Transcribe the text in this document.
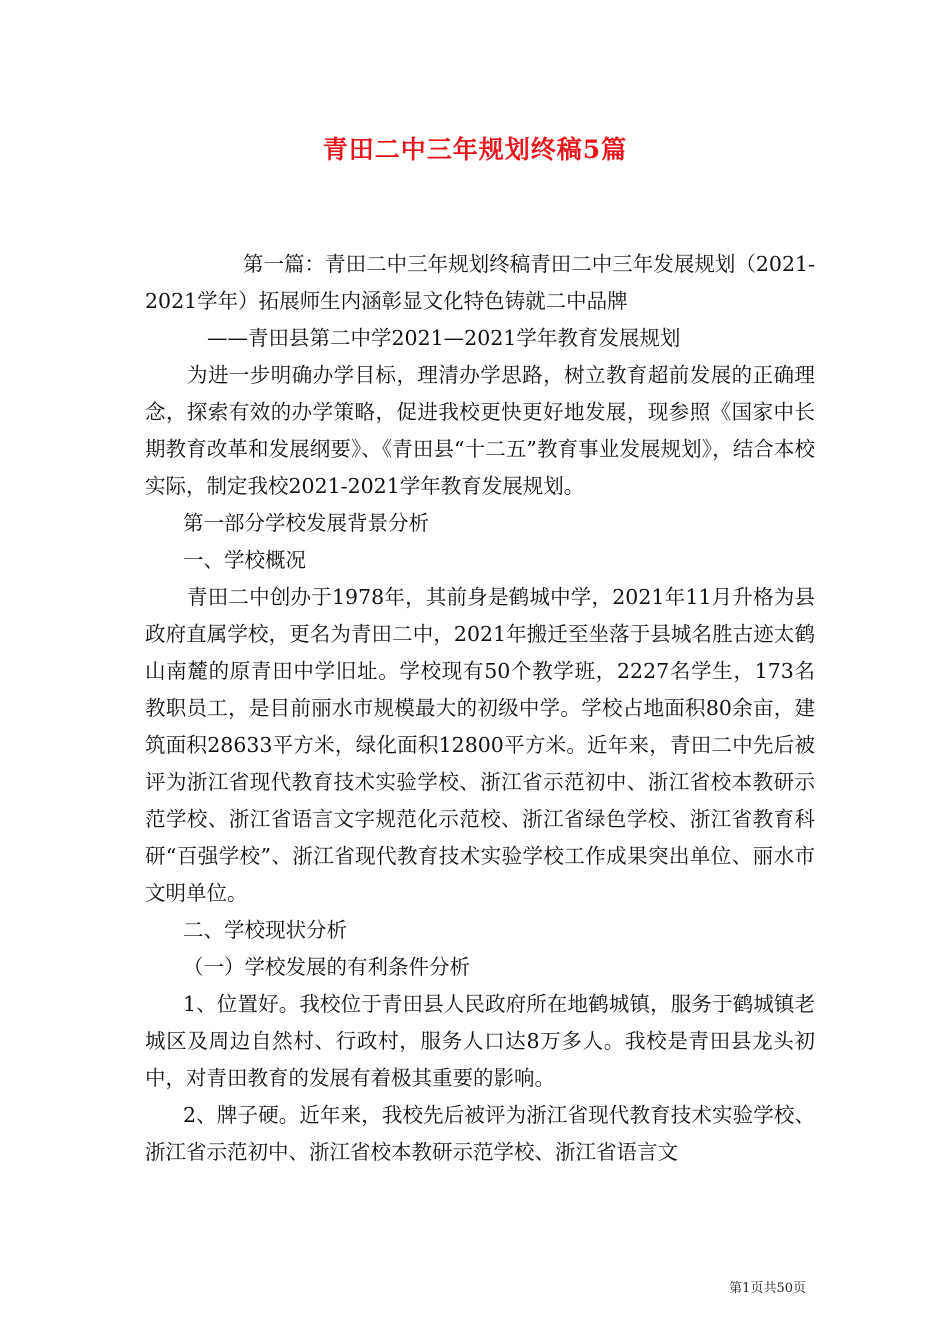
青田二中三年规划终稿5篇

第一篇：青田二中三年规划终稿青田二中三年发展规划（2021-2021学年）拓展师生内涵彰显文化特色铸就二中品牌

——青田县第二中学2021—2021学年教育发展规划

为进一步明确办学目标，理清办学思路，树立教育超前发展的正确理念，探索有效的办学策略，促进我校更快更好地发展，现参照《国家中长期教育改革和发展纲要》、《青田县“十二五”教育事业发展规划》，结合本校实际，制定我校2021-2021学年教育发展规划。

第一部分学校发展背景分析

一、学校概况

青田二中创办于1978年，其前身是鹤城中学，2021年11月升格为县政府直属学校，更名为青田二中，2021年搬迁至坐落于县城名胜古迹太鹤山南麓的原青田中学旧址。学校现有50个教学班，2227名学生，173名教职员工，是目前丽水市规模最大的初级中学。学校占地面积80余亩，建筑面积28633平方米，绿化面积12800平方米。近年来，青田二中先后被评为浙江省现代教育技术实验学校、浙江省示范初中、浙江省校本教研示范学校、浙江省语言文字规范化示范校、浙江省绿色学校、浙江省教育科研“百强学校”、浙江省现代教育技术实验学校工作成果突出单位、丽水市文明单位。

二、学校现状分析

（一）学校发展的有利条件分析

1、位置好。我校位于青田县人民政府所在地鹤城镇，服务于鹤城镇老城区及周边自然村、行政村，服务人口达8万多人。我校是青田县龙头初中，对青田教育的发展有着极其重要的影响。

2、牌子硬。近年来，我校先后被评为浙江省现代教育技术实验学校、浙江省示范初中、浙江省校本教研示范学校、浙江省语言文

第1页共50页
